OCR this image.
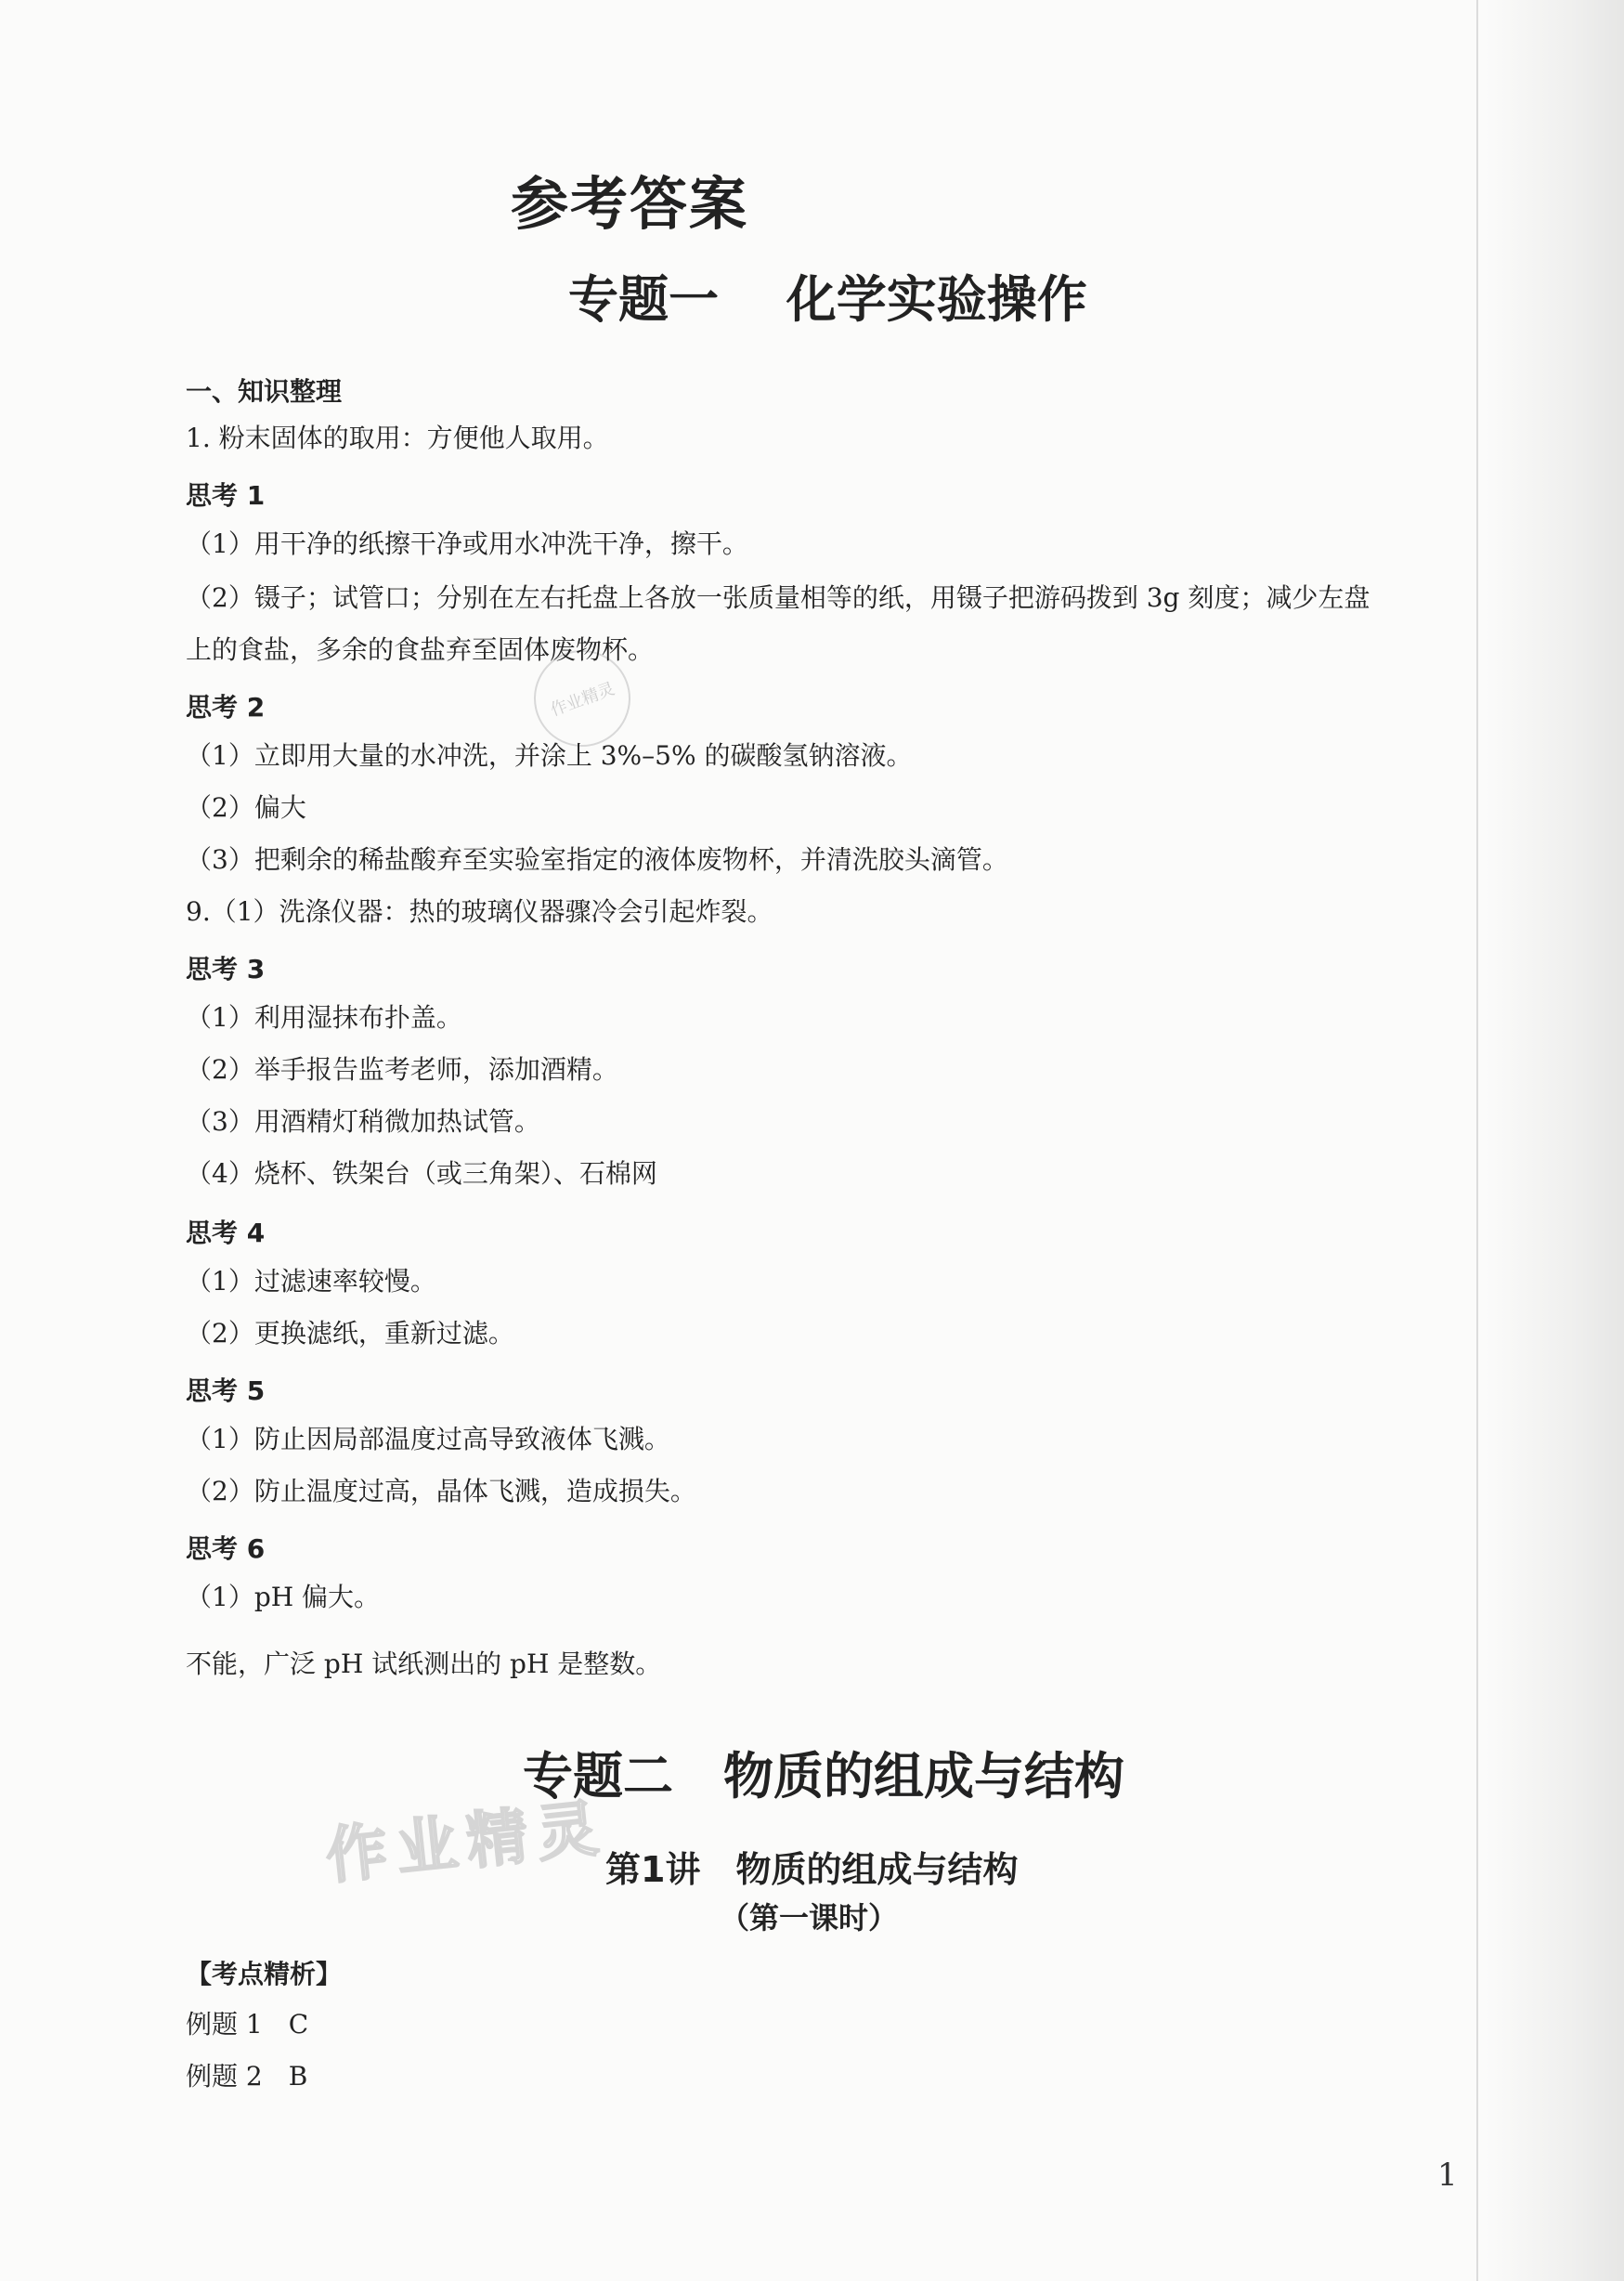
作业精灵
作业精灵
参考答案
专题一　 化学实验操作
一、知识整理
1. 粉末固体的取用：方便他人取用。
思考 1
（1）用干净的纸擦干净或用水冲洗干净，擦干。
（2）镊子；试管口；分别在左右托盘上各放一张质量相等的纸，用镊子把游码拨到 3g 刻度；减少左盘
上的食盐，多余的食盐弃至固体废物杯。
思考 2
（1）立即用大量的水冲洗，并涂上 3%–5% 的碳酸氢钠溶液。
（2）偏大
（3）把剩余的稀盐酸弃至实验室指定的液体废物杯，并清洗胶头滴管。
9.（1）洗涤仪器：热的玻璃仪器骤冷会引起炸裂。
思考 3
（1）利用湿抹布扑盖。
（2）举手报告监考老师，添加酒精。
（3）用酒精灯稍微加热试管。
（4）烧杯、铁架台（或三角架）、石棉网
思考 4
（1）过滤速率较慢。
（2）更换滤纸，重新过滤。
思考 5
（1）防止因局部温度过高导致液体飞溅。
（2）防止温度过高，晶体飞溅，造成损失。
思考 6
（1）pH 偏大。
不能，广泛 pH 试纸测出的 pH 是整数。
专题二　物质的组成与结构
第1讲　物质的组成与结构
（第一课时）
【考点精析】
例题 1　C
例题 2　B
1
